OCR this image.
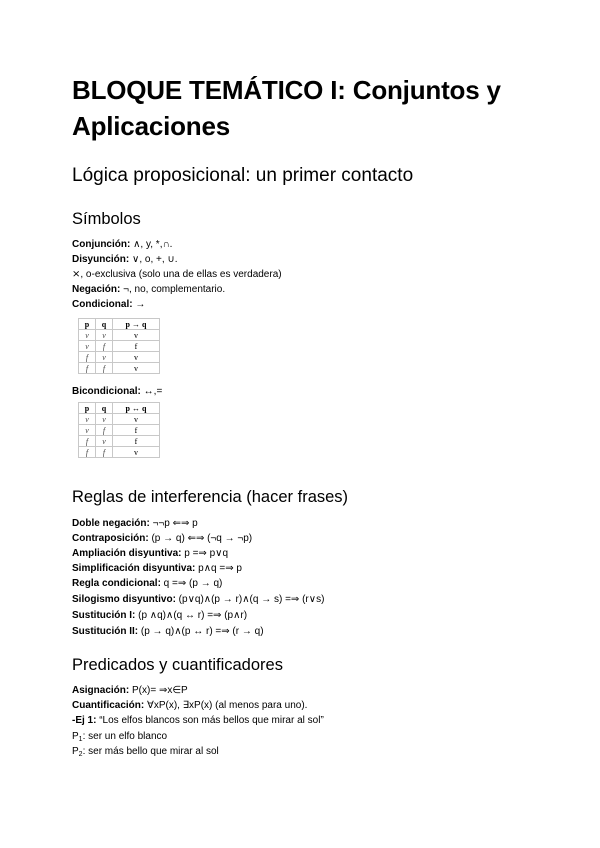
BLOQUE TEMÁTICO I: Conjuntos y Aplicaciones
Lógica proposicional: un primer contacto
Símbolos
Conjunción: ∧, y, *,∩.
Disyunción: ∨, o, +, ∪.
⨯, o-exclusiva (solo una de ellas es verdadera)
Negación: ¬, no, complementario.
Condicional: →
p	q	p → q
v	v	v
v	f	f
f	v	v
f	f	v
Bicondicional: ↔,=
p	q	p ↔ q
v	v	v
v	f	f
f	v	f
f	f	v
Reglas de interferencia (hacer frases)
Doble negación: ¬¬p ⇐⇒ p
Contraposición: (p → q) ⇐⇒ (¬q → ¬p)
Ampliación disyuntiva: p =⇒ p∨q
Simplificación disyuntiva: p∧q =⇒ p
Regla condicional: q =⇒ (p → q)
Silogismo disyuntivo: (p∨q)∧(p → r)∧(q → s) =⇒ (r∨s)
Sustitución I: (p ∧q)∧(q ↔ r) =⇒ (p∧r)
Sustitución II: (p → q)∧(p ↔ r) =⇒ (r → q)
Predicados y cuantificadores
Asignación: P(x)= ⇒x∈P
Cuantificación: ∀xP(x), ∃xP(x) (al menos para uno).
-Ej 1: “Los elfos blancos son más bellos que mirar al sol”
$P_1$: ser un elfo blanco
$P_2$: ser más bello que mirar al sol
